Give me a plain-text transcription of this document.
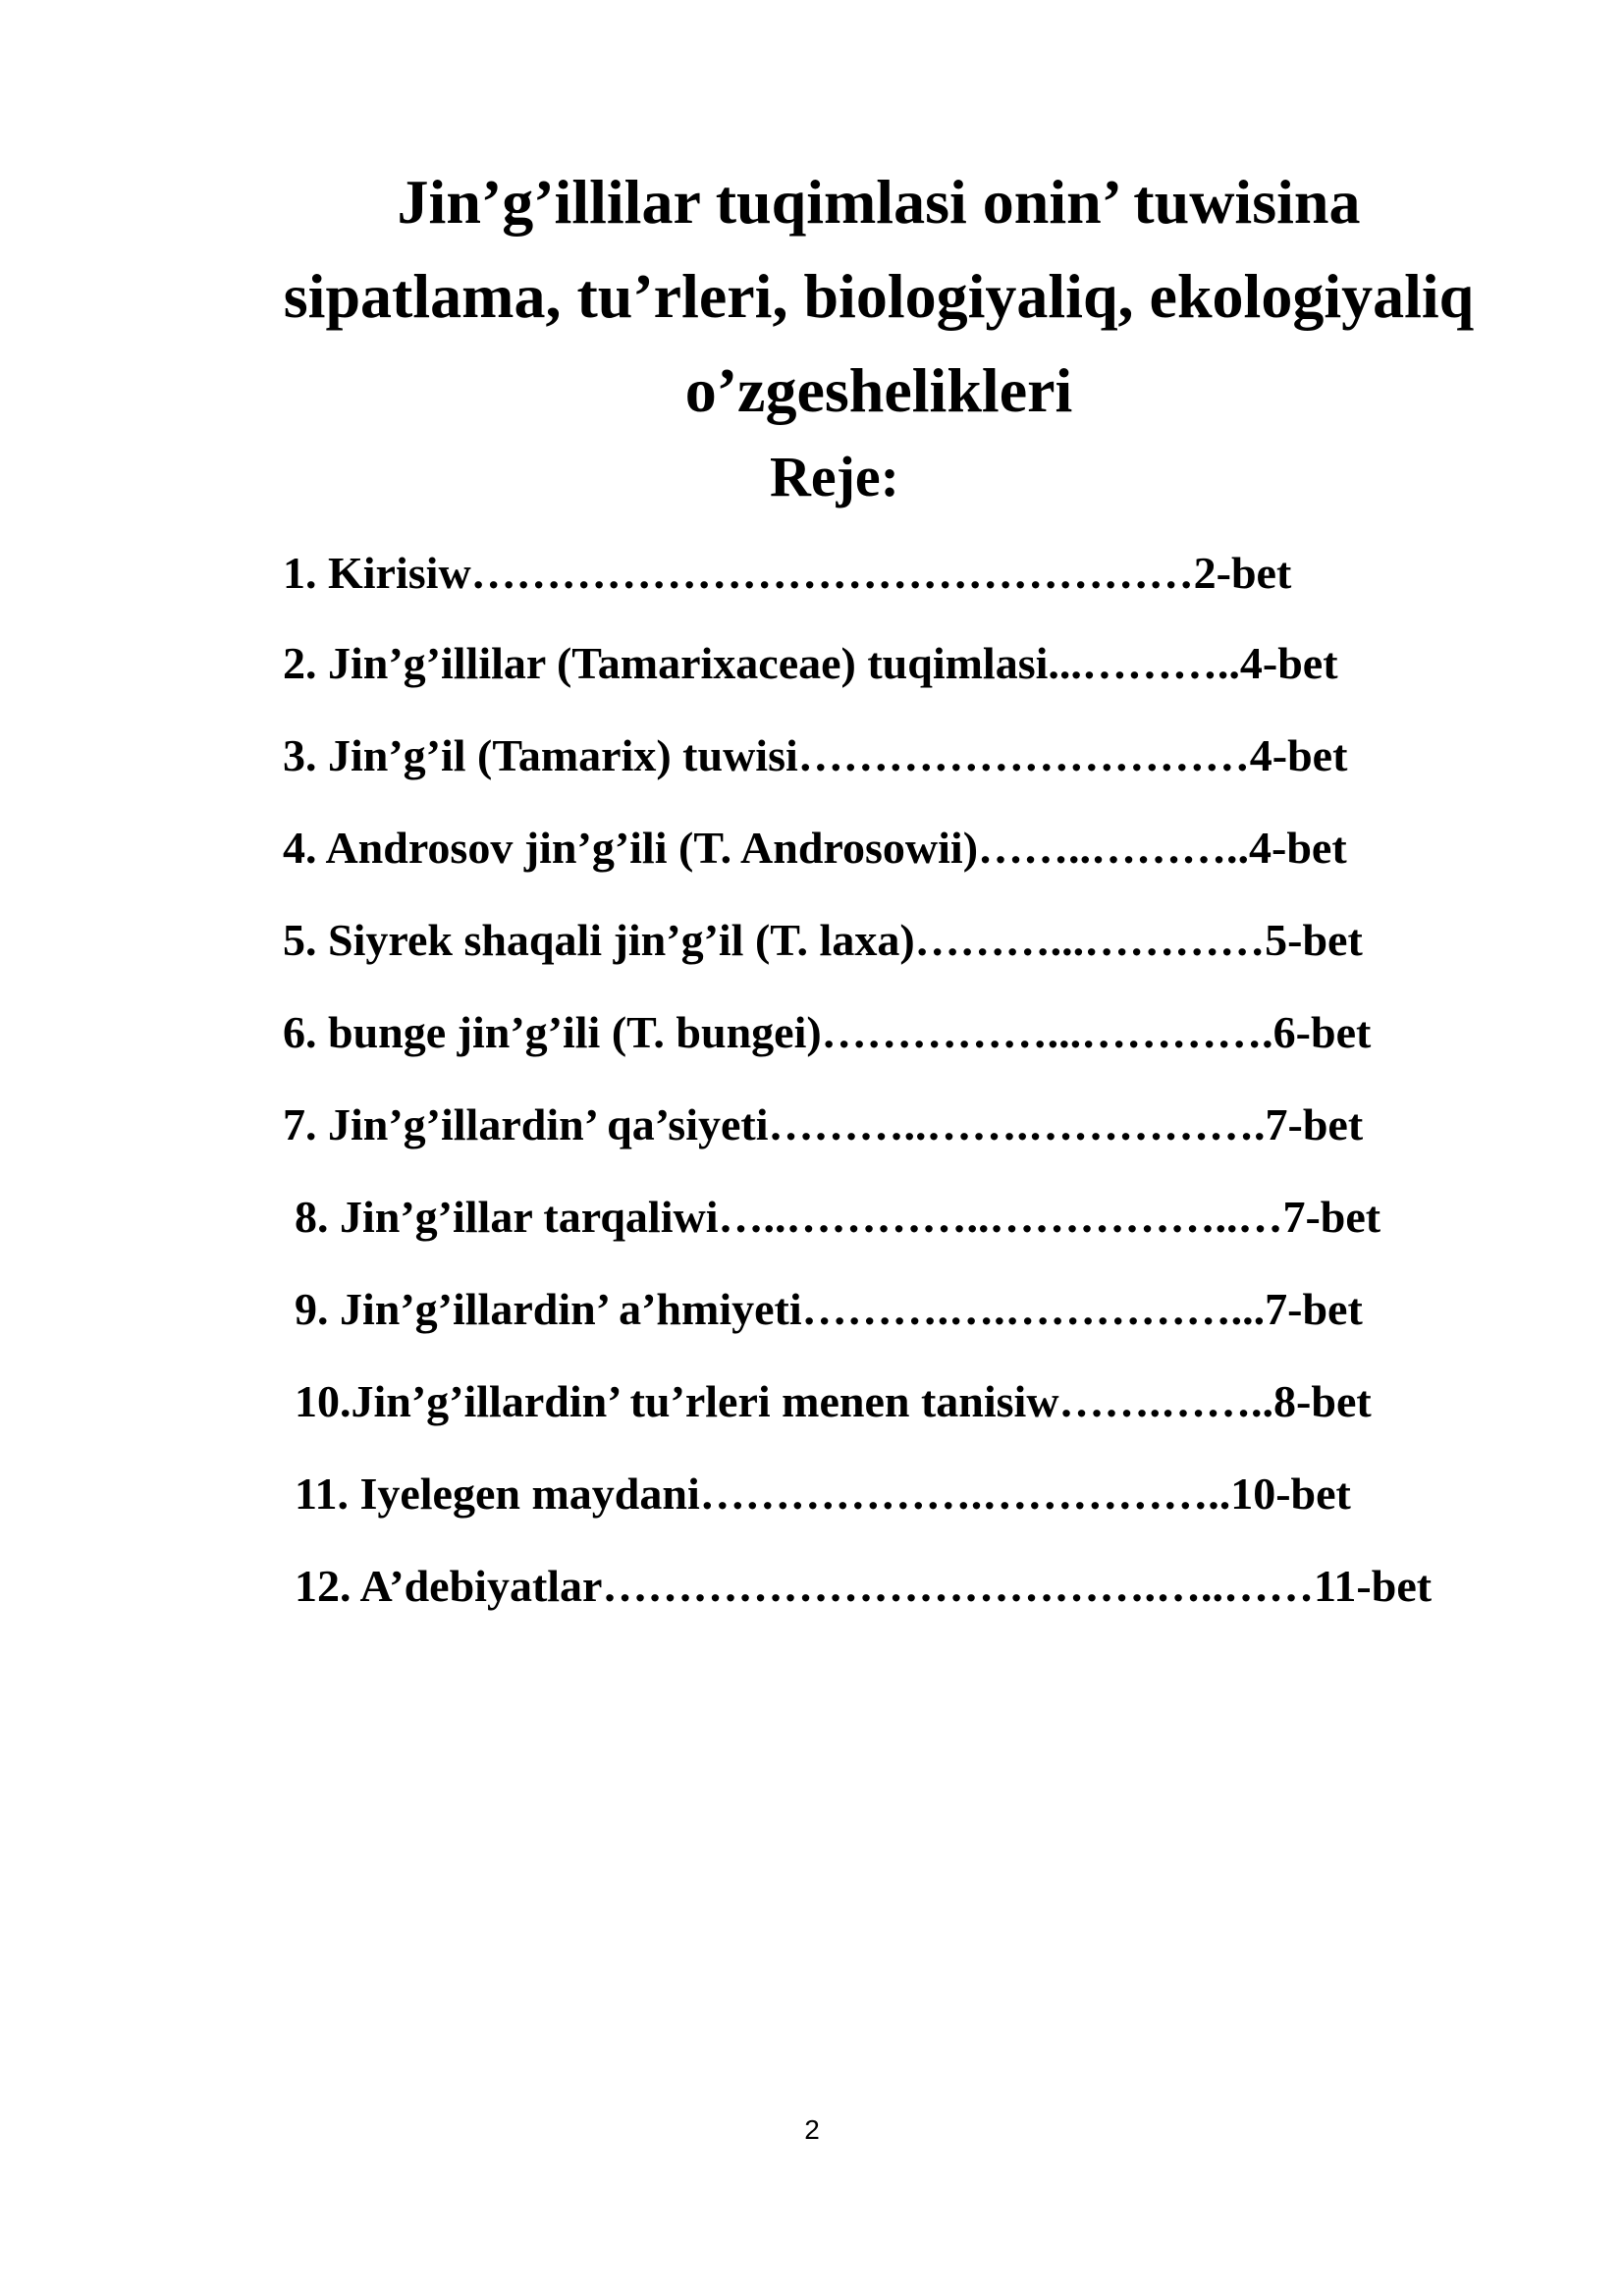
Jin’g’illilar tuqimlasi onin’ tuwisina
sipatlama, tu’rleri, biologiyaliq, ekologiyaliq
o’zgeshelikleri
Reje:
1. Kirisiw…………………………………………2-bet
2. Jin’g’illilar (Tamarixaceae) tuqimlasi...………..4-bet
3. Jin’g’il (Tamarix) tuwisi…………………………4-bet
4. Androsov jin’g’ili (T. Androsowii)……..………..4-bet
5. Siyrek shaqali jin’g’il (T. laxa)………...…………5-bet
6. bunge jin’g’ili (T. bungei)……………...………….6-bet
7. Jin’g’illardin’ qa’siyeti………..…….…………….7-bet
8. Jin’g’illar tarqaliwi…..…………..……………..…7-bet
9. Jin’g’illardin’ a’hmiyeti……….….……………...7-bet
10.Jin’g’illardin’ tu’rleri menen tanisiw…….……..8-bet
11. Iyelegen maydani……………….……………..10-bet
12. A’debiyatlar……………………………….…..……11-bet
2
